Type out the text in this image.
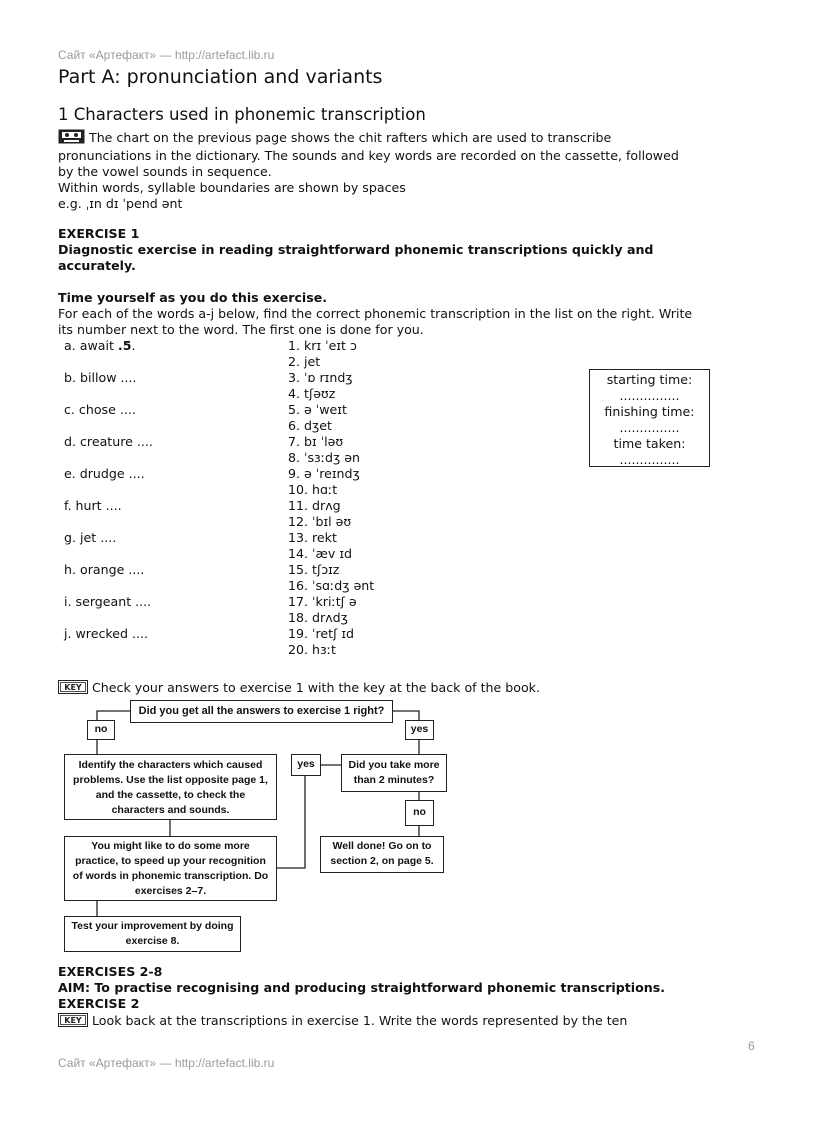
Сайт «Артефакт» — http://artefact.lib.ru
Part A: pronunciation and variants
1 Characters used in phonemic transcription

The chart on the previous page shows the chit rafters which are used to transcribe

pronunciations in the dictionary. The sounds and key words are recorded on the cassette, followed

by the vowel sounds in sequence.

Within words, syllable boundaries are shown by spaces

e.g. ˌɪn dɪ ˈpend ənt

EXERCISE 1
Diagnostic exercise in reading straightforward phonemic transcriptions quickly and
accurately.
Time yourself as you do this exercise.
For each of the words a-j below, find the correct phonemic transcription in the list on the right. Write
its number next to the word. The first one is done for you.
a. await .5.
b. billow ....
c. chose ....
d. creature ....
e. drudge ....
f. hurt ....
g. jet ....
h. orange ....
i. sergeant ....
j. wrecked ....
1. krɪ ˈeɪt ɔ
2. jet
3. ˈɒ rɪndʒ
4. tʃəʊz
5. ə ˈweɪt
6. dʒet
7. bɪ ˈləʊ
8. ˈsɜːdʒ ən
9. ə ˈreɪndʒ
10. hɑːt
11. drʌg
12. ˈbɪl əʊ
13. rekt
14. ˈæv ɪd
15. tʃɔɪz
16. ˈsɑːdʒ ənt
17. ˈkriːtʃ ə
18. drʌdʒ
19. ˈretʃ ɪd
20. hɜːt
starting time:
...............
finishing time:
...............
time taken:
...............
KEY Check your answers to exercise 1 with the key at the back of the book.
Did you get all the answers to exercise 1 right?
no	yes
Identify the characters which caused
problems. Use the list opposite page 1,
and the cassette, to check the
characters and sounds.
yes	Did you take more
than 2 minutes?
no
You might like to do some more
practice, to speed up your recognition
of words in phonemic transcription. Do
exercises 2–7.
Well done! Go on to
section 2, on page 5.
Test your improvement by doing
exercise 8.
EXERCISES 2-8
AIM: To practise recognising and producing straightforward phonemic transcriptions.
EXERCISE 2
KEY Look back at the transcriptions in exercise 1. Write the words represented by the ten
6
Сайт «Артефакт» — http://artefact.lib.ru
